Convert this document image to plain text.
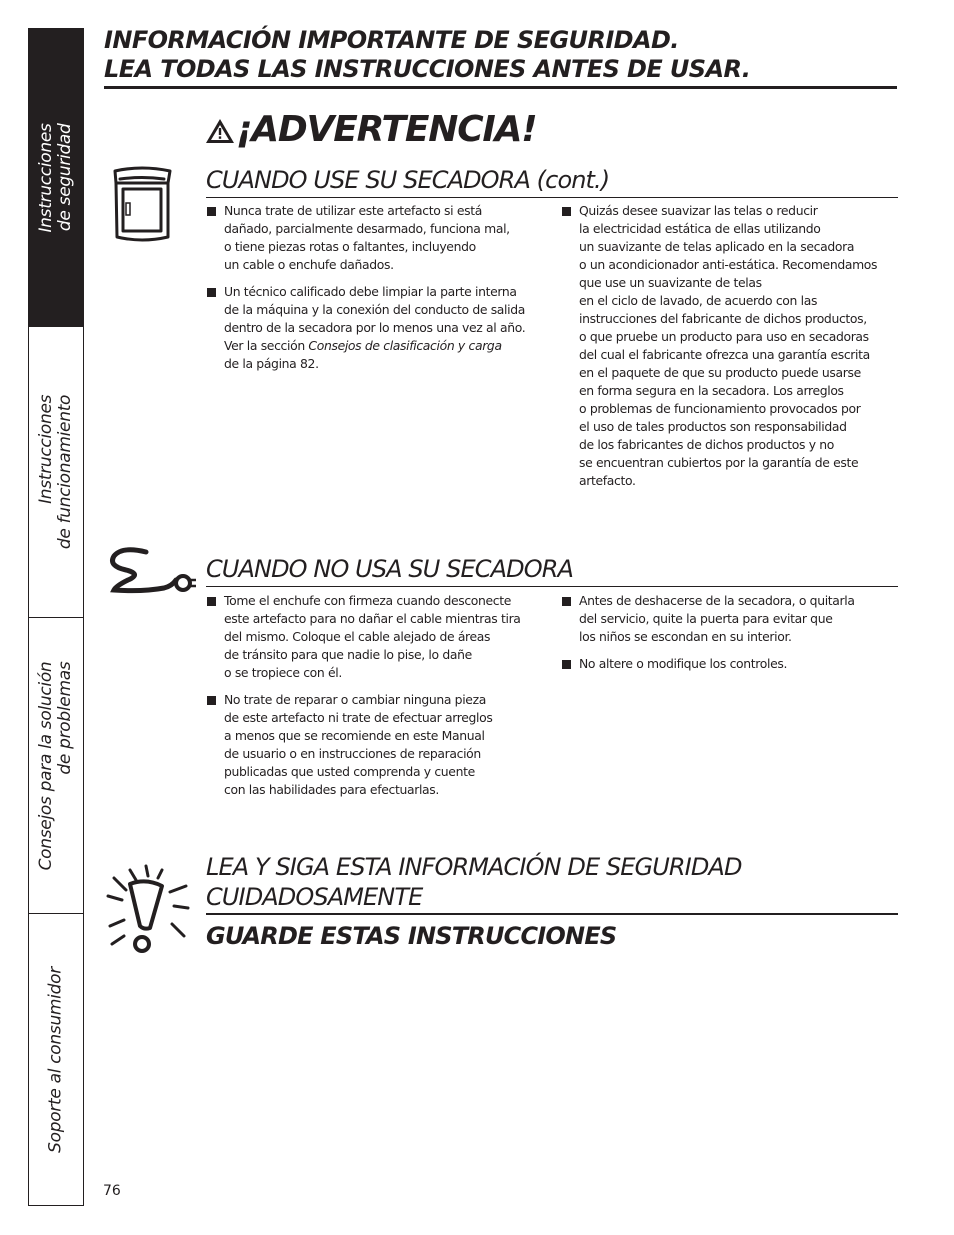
Instrucciones de seguridad
Instrucciones de funcionamiento
Consejos para la solución de problemas
Soporte al consumidor
INFORMACIÓN IMPORTANTE DE SEGURIDAD.
LEA TODAS LAS INSTRUCCIONES ANTES DE USAR.
¡ADVERTENCIA!
CUANDO USE SU SECADORA (cont.)
Nunca trate de utilizar este artefacto si está
dañado, parcialmente desarmado, funciona mal,
o tiene piezas rotas o faltantes, incluyendo
un cable o enchufe dañados.
Un técnico calificado debe limpiar la parte interna
de la máquina y la conexión del conducto de salida
dentro de la secadora por lo menos una vez al año.
Ver la sección Consejos de clasificación y carga
de la página 82.
Quizás desee suavizar las telas o reducir
la electricidad estática de ellas utilizando
un suavizante de telas aplicado en la secadora
o un acondicionador anti-estática. Recomendamos
que use un suavizante de telas
en el ciclo de lavado, de acuerdo con las
instrucciones del fabricante de dichos productos,
o que pruebe un producto para uso en secadoras
del cual el fabricante ofrezca una garantía escrita
en el paquete de que su producto puede usarse
en forma segura en la secadora. Los arreglos
o problemas de funcionamiento provocados por
el uso de tales productos son responsabilidad
de los fabricantes de dichos productos y no
se encuentran cubiertos por la garantía de este
artefacto.
CUANDO NO USA SU SECADORA
Tome el enchufe con firmeza cuando desconecte
este artefacto para no dañar el cable mientras tira
del mismo. Coloque el cable alejado de áreas
de tránsito para que nadie lo pise, lo dañe
o se tropiece con él.
No trate de reparar o cambiar ninguna pieza
de este artefacto ni trate de efectuar arreglos
a menos que se recomiende en este Manual
de usuario o en instrucciones de reparación
publicadas que usted comprenda y cuente
con las habilidades para efectuarlas.
Antes de deshacerse de la secadora, o quitarla
del servicio, quite la puerta para evitar que
los niños se escondan en su interior.
No altere o modifique los controles.
LEA Y SIGA ESTA INFORMACIÓN DE SEGURIDAD
CUIDADOSAMENTE
GUARDE ESTAS INSTRUCCIONES
76
